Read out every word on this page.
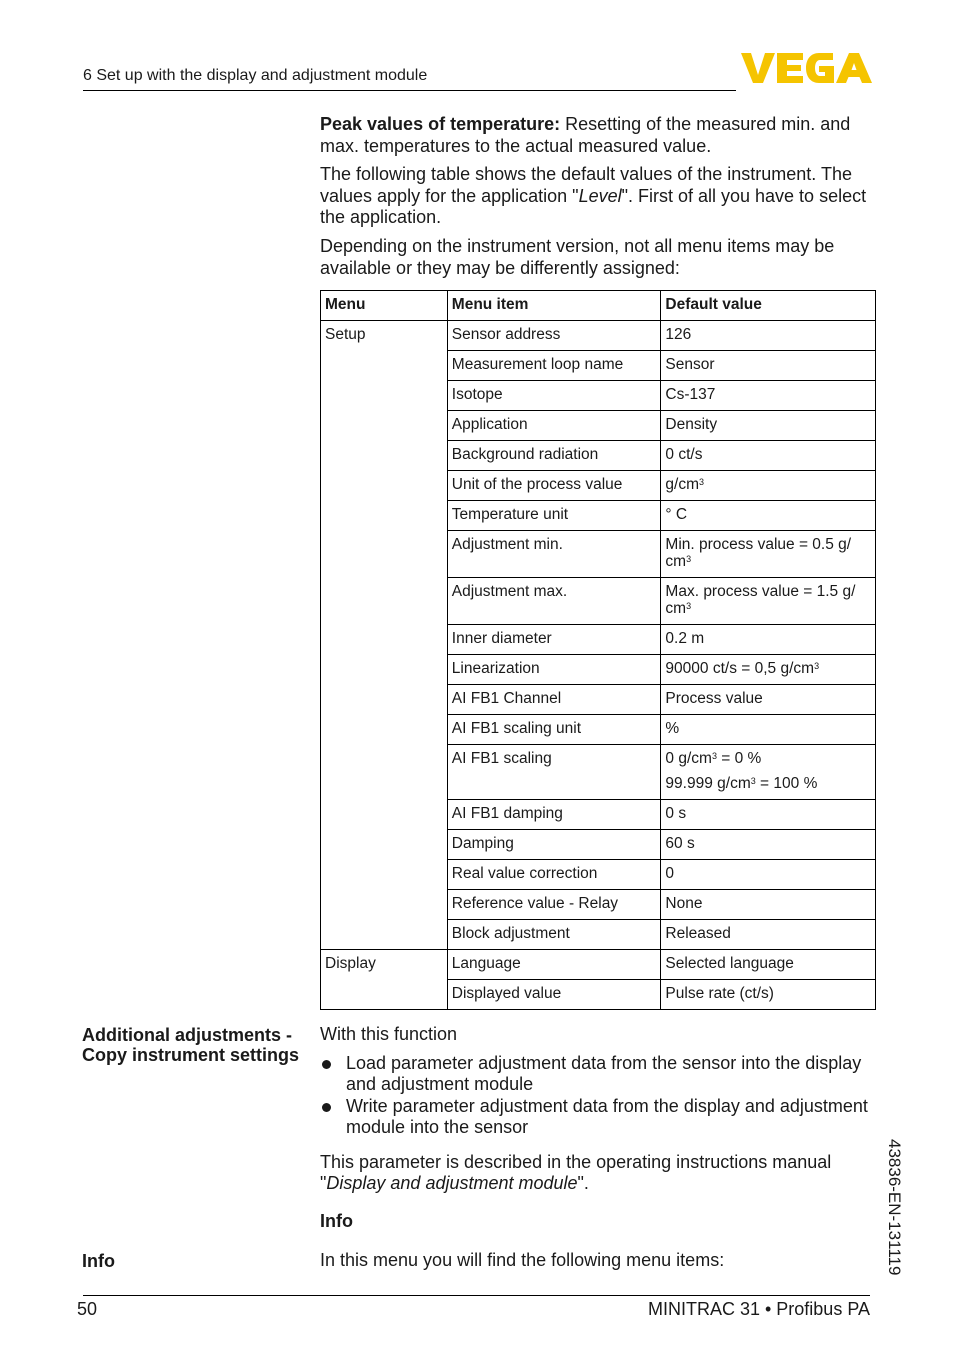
6 Set up with the display and adjustment module

Peak values of temperature: Resetting of the measured min. and max. temperatures to the actual measured value.

The following table shows the default values of the instrument. The values apply for the application "Level". First of all you have to select the application.

Depending on the instrument version, not all menu items may be available or they may be differently assigned:

Menu	Menu item	Default value
Setup	Sensor address	126
	Measurement loop name	Sensor
	Isotope	Cs-137
	Application	Density
	Background radiation	0 ct/s
	Unit of the process value	$g/cm^3$
	Temperature unit	° C
	Adjustment min.	Min. process value = 0.5 g/
$cm^3$
	Adjustment max.	Max. process value = 1.5 g/
$cm^3$
	Inner diameter	0.2 m
	Linearization	90000 ct/s = 0,5 $g/cm^3$
	AI FB1 Channel	Process value
	AI FB1 scaling unit	%
	AI FB1 scaling	0 $g/cm^3 = 0$ %
99.999 $g/cm^3 = 100$ %
	AI FB1 damping	0 s
	Damping	60 s
	Real value correction	0
	Reference value - Relay	None
	Block adjustment	Released
Display	Language	Selected language
	Displayed value	Pulse rate (ct/s)
Additional adjustments -
Copy instrument settings

With this function

Load parameter adjustment data from the sensor into the display and adjustment module
Write parameter adjustment data from the display and adjustment module into the sensor

This parameter is described in the operating instructions manual "Display and adjustment module".

Info

Info	In this menu you will find the following menu items:	43836-EN-131119
50	MINITRAC 31 • Profibus PA
